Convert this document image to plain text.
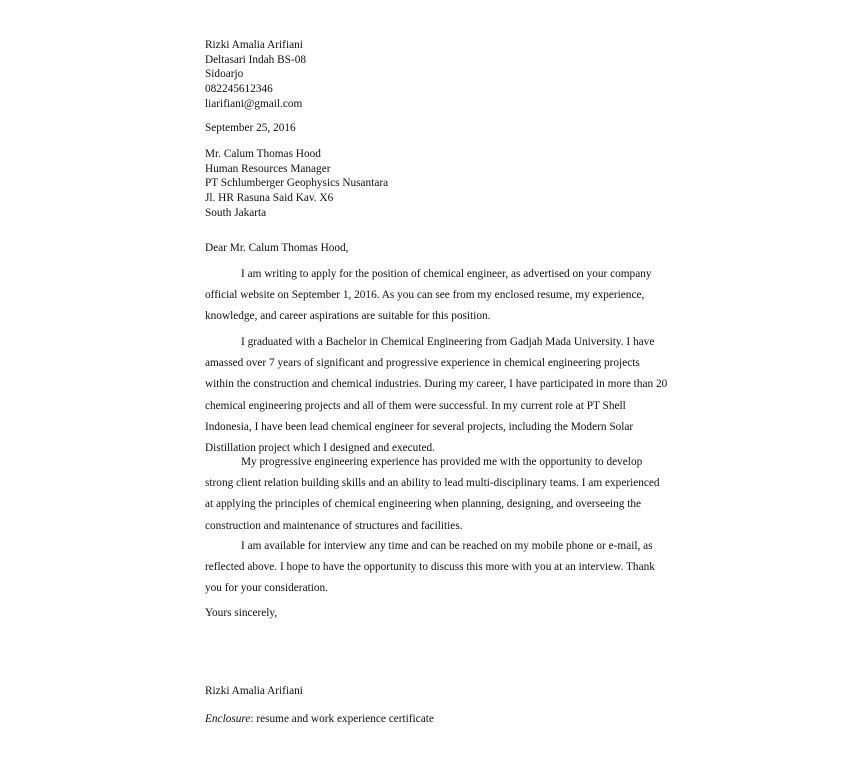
Rizki Amalia Arifiani
Deltasari Indah BS-08
Sidoarjo
082245612346
liarifiani@gmail.com
September 25, 2016
Mr. Calum Thomas Hood
Human Resources Manager
PT Schlumberger Geophysics Nusantara
Jl. HR Rasuna Said Kav. X6
South Jakarta
Dear Mr. Calum Thomas Hood,
I am writing to apply for the position of chemical engineer, as advertised on your company
official website on September 1, 2016. As you can see from my enclosed resume, my experience,
knowledge, and career aspirations are suitable for this position.
I graduated with a Bachelor in Chemical Engineering from Gadjah Mada University. I have
amassed over 7 years of significant and progressive experience in chemical engineering projects
within the construction and chemical industries. During my career, I have participated in more than 20
chemical engineering projects and all of them were successful. In my current role at PT Shell
Indonesia, I have been lead chemical engineer for several projects, including the Modern Solar
Distillation project which I designed and executed.
My progressive engineering experience has provided me with the opportunity to develop
strong client relation building skills and an ability to lead multi-disciplinary teams. I am experienced
at applying the principles of chemical engineering when planning, designing, and overseeing the
construction and maintenance of structures and facilities.
I am available for interview any time and can be reached on my mobile phone or e-mail, as
reflected above. I hope to have the opportunity to discuss this more with you at an interview. Thank
you for your consideration.
Yours sincerely,
Rizki Amalia Arifiani
Enclosure: resume and work experience certificate
